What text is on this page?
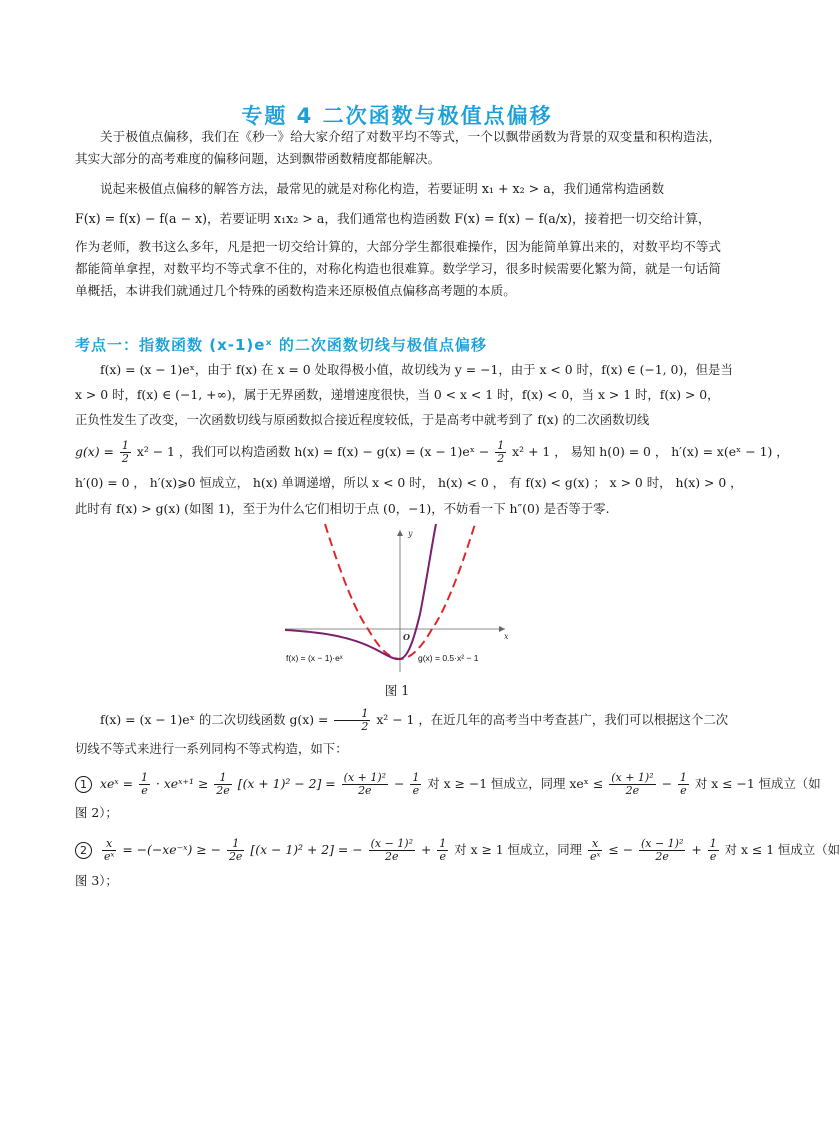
专题 4 二次函数与极值点偏移

关于极值点偏移，我们在《秒一》给大家介绍了对数平均不等式，一个以飘带函数为背景的双变量和积构造法，其实大部分的高考难度的偏移问题，达到飘带函数精度都能解决。

说起来极值点偏移的解答方法，最常见的就是对称化构造，若要证明 x₁ + x₂ > a，我们通常构造函数

F(x) = f(x) − f(a − x)，若要证明 x₁x₂ > a，我们通常也构造函数 F(x) = f(x) − f(a/x)，接着把一切交给计算，

作为老师，教书这么多年，凡是把一切交给计算的，大部分学生都很难操作，因为能简单算出来的，对数平均不等式都能简单拿捏，对数平均不等式拿不住的，对称化构造也很难算。数学学习，很多时候需要化繁为简，就是一句话简单概括，本讲我们就通过几个特殊的函数构造来还原极值点偏移高考题的本质。

考点一：指数函数 (x-1)eˣ 的二次函数切线与极值点偏移
f(x) = (x − 1)eˣ，由于 f(x) 在 x = 0 处取得极小值，故切线为 y = −1，由于 x < 0 时，f(x) ∈ (−1, 0)，但是当
x > 0 时，f(x) ∈ (−1, +∞)，属于无界函数，递增速度很快，当 0 < x < 1 时，f(x) < 0，当 x > 1 时，f(x) > 0，
正负性发生了改变，一次函数切线与原函数拟合接近程度较低，于是高考中就考到了 f(x) 的二次函数切线
$g(x) = \frac{1}{2} x^2 - 1$ ，我们可以构造函数 h(x) = f(x) − g(x) = (x − 1)eˣ − $\frac{1}{2} x^2 + 1$ ， 易知 h(0) = 0 ， h′(x) = x(eˣ − 1) ，
h′(0) = 0 ， h′(x)⩾0 恒成立， h(x) 单调递增，所以 x < 0 时， h(x) < 0 ， 有 f(x) < g(x) ； x > 0 时， h(x) > 0 ，
此时有 f(x) > g(x) (如图 1)，至于为什么它们相切于点 (0，−1)，不妨看一下 h″(0) 是否等于零.
y
x
O
f(x) = (x − 1)·eˣ	g(x) = 0.5·x² − 1
图 1
f(x) = (x − 1)eˣ 的二次切线函数 $g(x) = \frac{1}{2} x^2 - 1$ ，在近几年的高考当中考查甚广，我们可以根据这个二次
切线不等式来进行一系列同构不等式构造，如下：
1 xeˣ = $\frac{1}{e}$ · xeˣ⁺¹ ≥ $\frac{1}{2e} [(x + 1)^2 - 2] = \frac{\text{(x + 1)²}}{2e} - \frac{1}{e}$ 对 x ≥ −1 恒成立，同理 xeˣ ≤ $\frac{\text{(x + 1)²}}{2e} - \frac{1}{e}$ 对 x ≤ −1 恒成立（如
图 2）；
$2 \frac{x}{\text{eˣ}}$ = −(−xe⁻ˣ) ≥ − $\frac{1}{2e} [(x - 1)^2 + 2]$ = − $\frac{\text{(x − 1)²}}{2e} + \frac{1}{e}$ 对 x ≥ 1 恒成立，同理 $\frac{x}{\text{eˣ}}$ ≤ − $\frac{\text{(x − 1)²}}{2e} + \frac{1}{e}$ 对 x ≤ 1 恒成立（如
图 3）；
